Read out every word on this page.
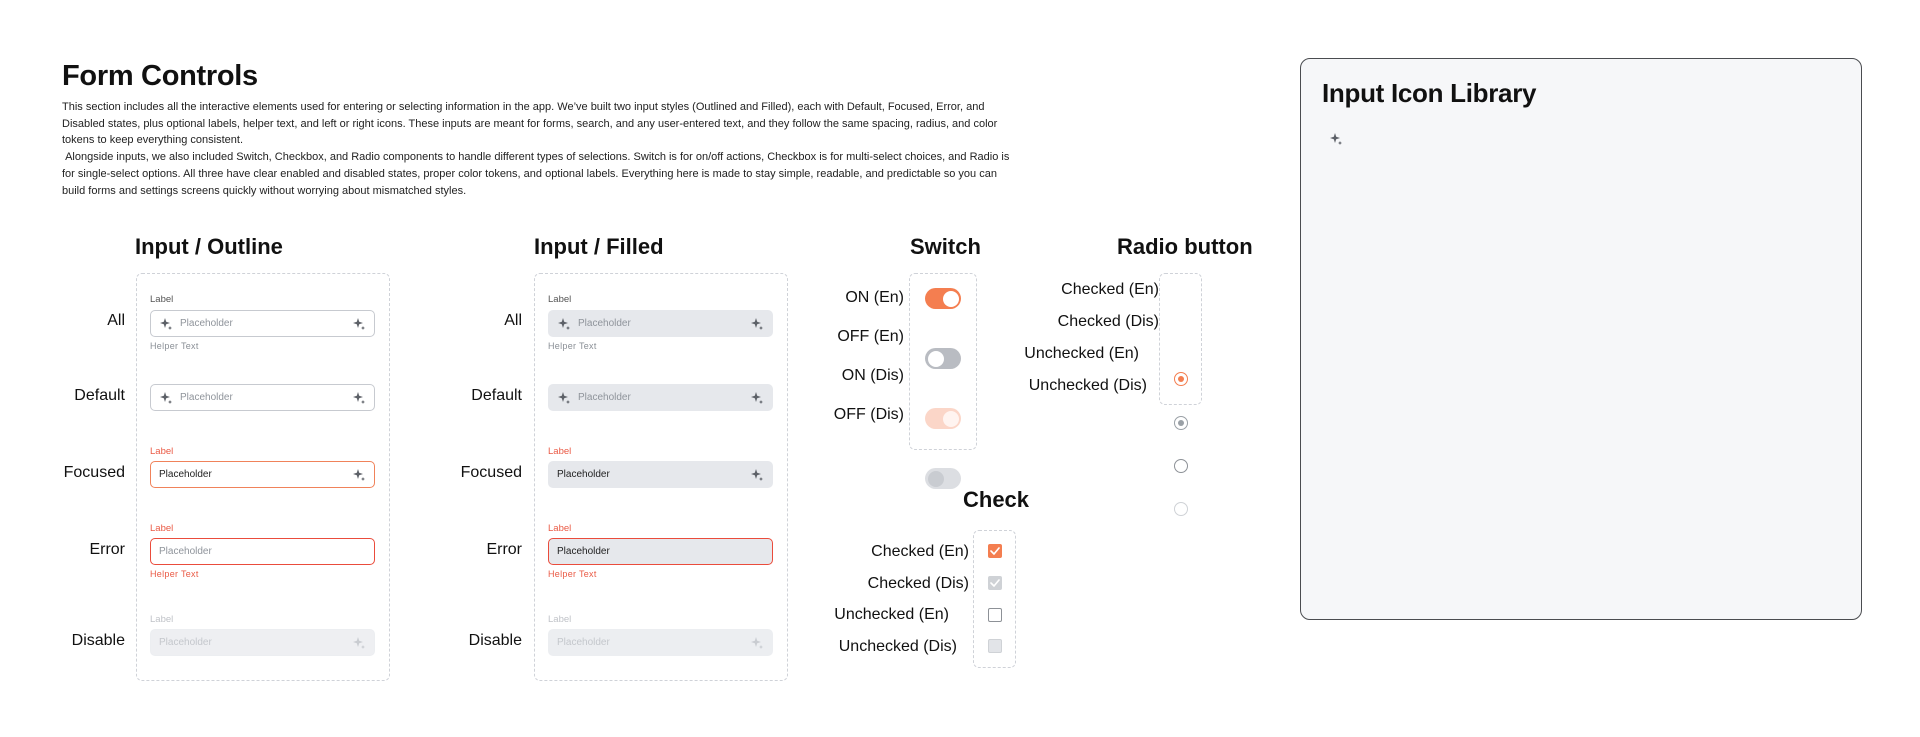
Form Controls

This section includes all the interactive elements used for entering or selecting information in the app. We’ve built two input styles (Outlined and Filled), each with Default, Focused, Error, and Disabled states, plus optional labels, helper text, and left or right icons. These inputs are meant for forms, search, and any user-entered text, and they follow the same spacing, radius, and color tokens to keep everything consistent.

Alongside inputs, we also included Switch, Checkbox, and Radio components to handle different types of selections. Switch is for on/off actions, Checkbox is for multi-select choices, and Radio is for single-select options. All three have clear enabled and disabled states, proper color tokens, and optional labels. Everything here is made to stay simple, readable, and predictable so you can build forms and settings screens quickly without worrying about mismatched styles.

Input / Outline
All
Default
Focused
Error
Disable
Label
Placeholder
Helper Text
Placeholder
Label
Placeholder
Label
Placeholder
Helper Text
Label
Placeholder
Input / Filled
All
Default
Focused
Error
Disable
Label
Placeholder
Helper Text
Placeholder
Label
Placeholder
Label
Placeholder
Helper Text
Label
Placeholder
Switch
ON (En)
OFF (En)
ON (Dis)
OFF (Dis)
Radio button
Checked (En)
Checked (Dis)
Unchecked (En)
Unchecked (Dis)
Check
Checked (En)
Checked (Dis)
Unchecked (En)
Unchecked (Dis)
Input Icon Library
